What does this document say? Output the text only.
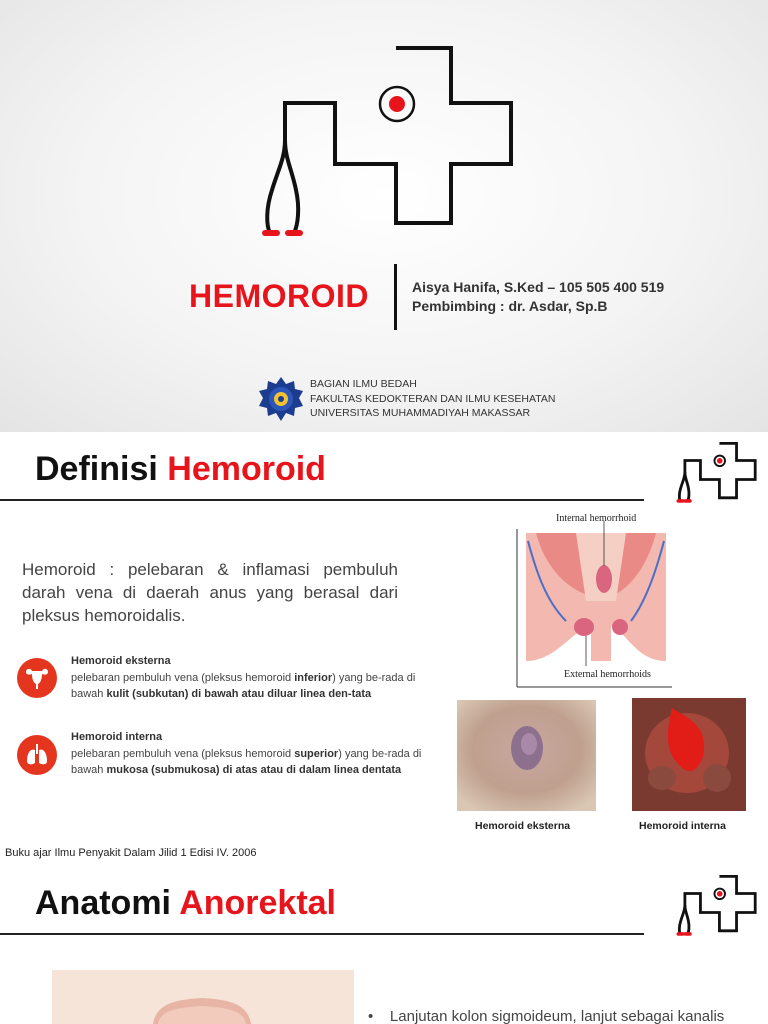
HEMOROID	Aisya Hanifa, S.Ked – 105 505 400 519
Pembimbing : dr. Asdar, Sp.B
BAGIAN ILMU BEDAH
FAKULTAS KEDOKTERAN DAN ILMU KESEHATAN
UNIVERSITAS MUHAMMADIYAH MAKASSAR
Definisi Hemoroid
Hemoroid : pelebaran & inflamasi pembuluh darah vena di daerah anus yang berasal dari pleksus hemoroidalis.
Hemoroid eksterna
pelebaran pembuluh vena (pleksus hemoroid inferior) yang be-rada di bawah kulit (subkutan) di bawah atau diluar linea den-tata
Hemoroid interna
pelebaran pembuluh vena (pleksus hemoroid superior) yang be-rada di bawah mukosa (submukosa) di atas atau di dalam linea dentata
Internal hemorrhoid
External hemorrhoids
Hemoroid eksterna	Hemoroid interna
Buku ajar Ilmu Penyakit Dalam Jilid 1 Edisi IV. 2006
Anatomi Anorektal
•    Lanjutan kolon sigmoideum, lanjut sebagai kanalis
